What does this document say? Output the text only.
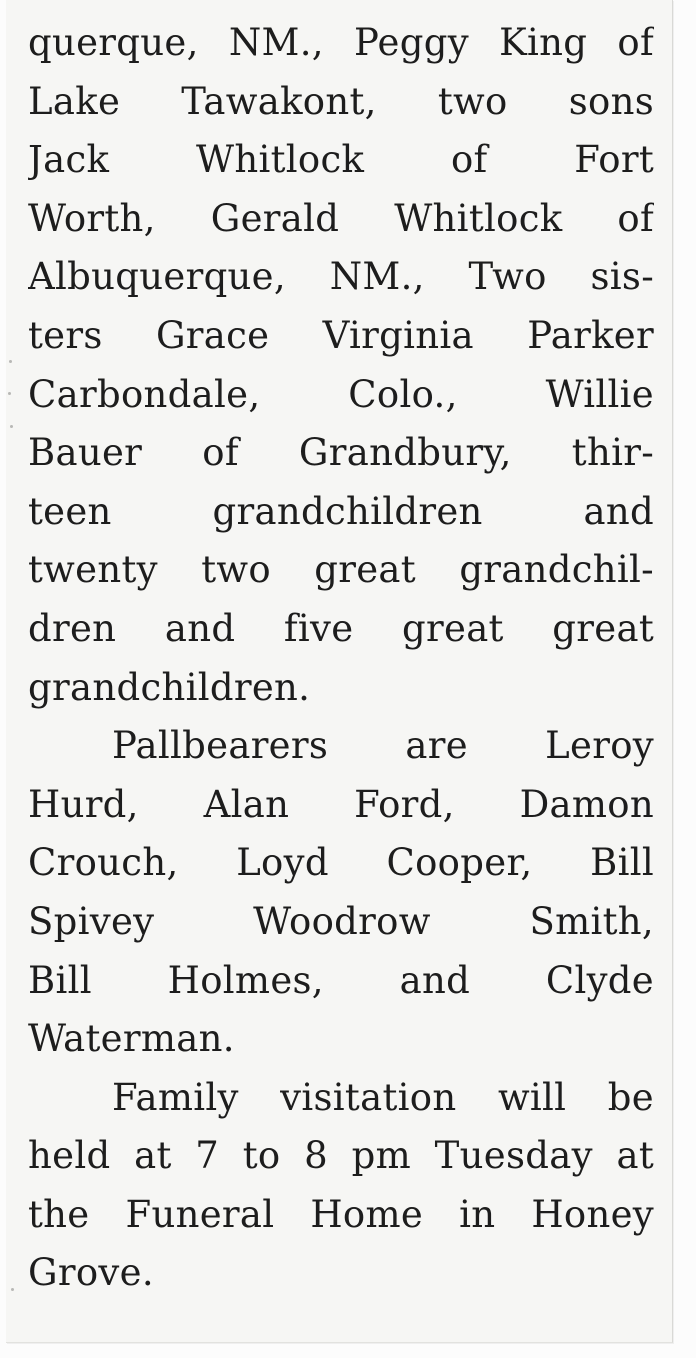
querque, NM., Peggy King of
Lake Tawakont, two sons
Jack Whitlock of Fort
Worth, Gerald Whitlock of
Albuquerque, NM., Two sis-
ters Grace Virginia Parker
Carbondale, Colo., Willie
Bauer of Grandbury, thir-
teen grandchildren and
twenty two great grandchil-
dren and five great great
grandchildren.
Pallbearers are Leroy
Hurd, Alan Ford, Damon
Crouch, Loyd Cooper, Bill
Spivey Woodrow Smith,
Bill Holmes, and Clyde
Waterman.
Family visitation will be
held at 7 to 8 pm Tuesday at
the Funeral Home in Honey
Grove.
